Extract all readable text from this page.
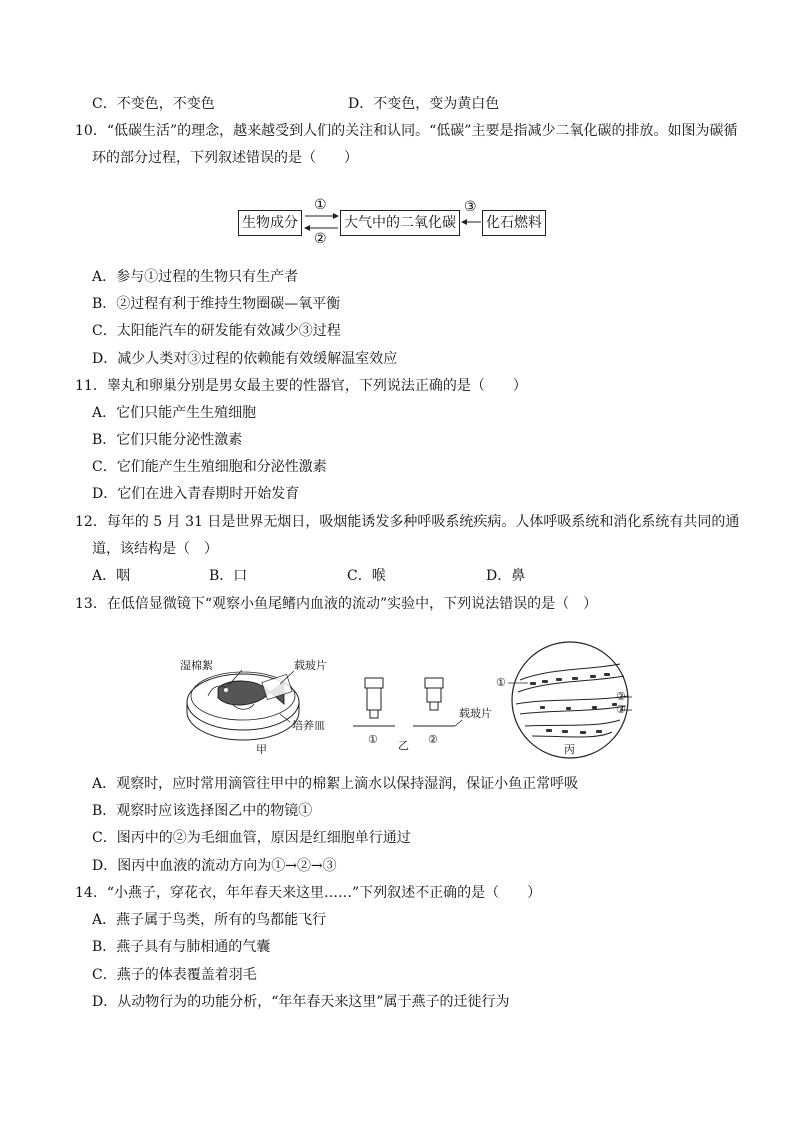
C．不变色，不变色	D．不变色，变为黄白色
10．“低碳生活”的理念，越来越受到人们的关注和认同。“低碳”主要是指减少二氧化碳的排放。如图为碳循
环的部分过程，下列叙述错误的是（　　）
生物成分	大气中的二氧化碳 化石燃料
①
②
③
A．参与①过程的生物只有生产者
B．②过程有利于维持生物圈碳—氧平衡
C．太阳能汽车的研发能有效减少③过程
D．减少人类对③过程的依赖能有效缓解温室效应
11．睾丸和卵巢分别是男女最主要的性器官，下列说法正确的是（　　）
A．它们只能产生生殖细胞
B．它们只能分泌性激素
C．它们能产生生殖细胞和分泌性激素
D．它们在进入青春期时开始发育
12．每年的 5 月 31 日是世界无烟日，吸烟能诱发多种呼吸系统疾病。人体呼吸系统和消化系统有共同的通
道，该结构是（　）
A．咽	B．口	C．喉	D．鼻
13．在低倍显微镜下“观察小鱼尾鳍内血液的流动”实验中，下列说法错误的是（　）
湿棉絮	载玻片
培养皿
甲
① 乙 ②
载玻片
①
②
③
丙
A．观察时，应时常用滴管往甲中的棉絮上滴水以保持湿润，保证小鱼正常呼吸
B．观察时应该选择图乙中的物镜①
C．图丙中的②为毛细血管，原因是红细胞单行通过
D．图丙中血液的流动方向为①→②→③
14．“小燕子，穿花衣，年年春天来这里……”下列叙述不正确的是（　　）
A．燕子属于鸟类，所有的鸟都能飞行
B．燕子具有与肺相通的气囊
C．燕子的体表覆盖着羽毛
D．从动物行为的功能分析，“年年春天来这里”属于燕子的迁徙行为
